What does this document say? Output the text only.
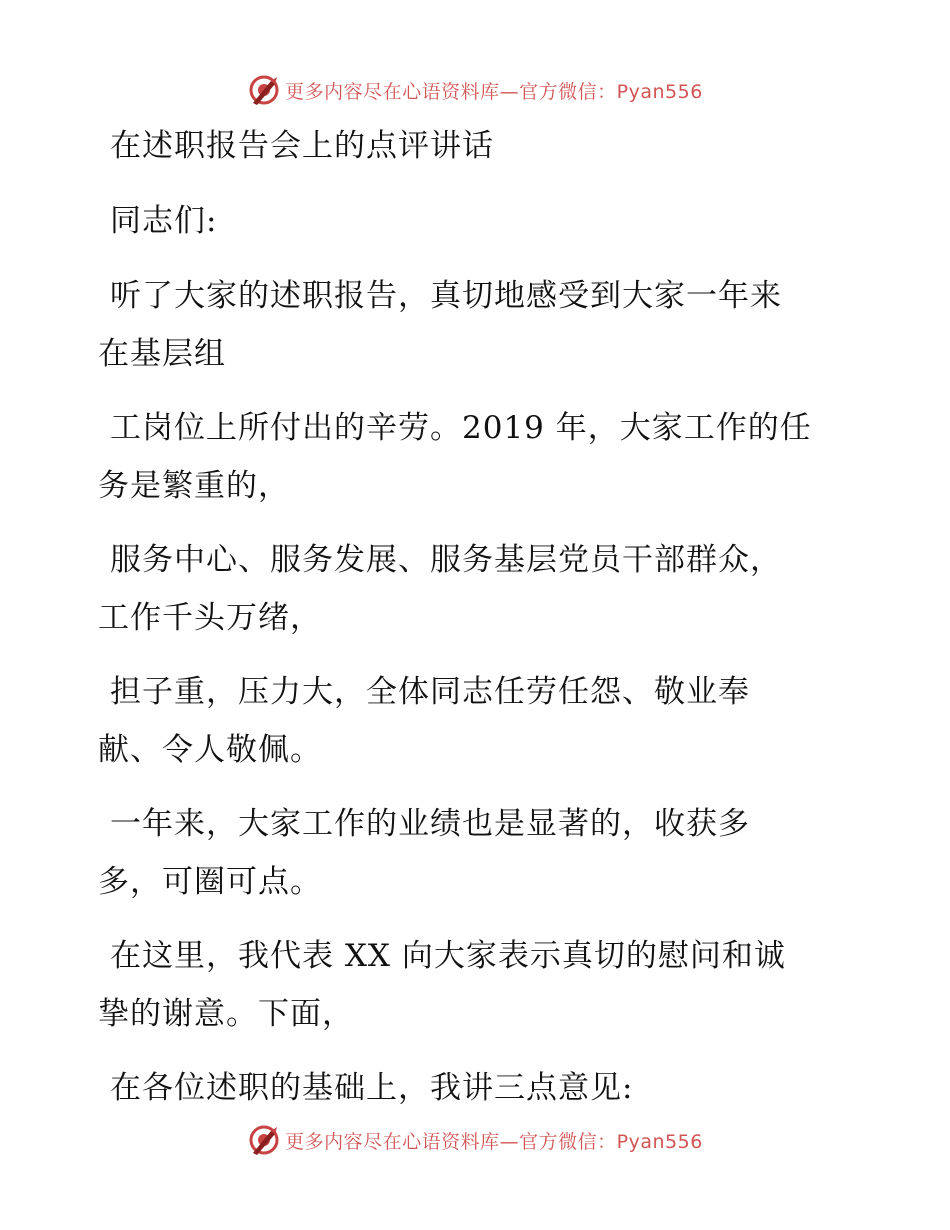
更多内容尽在心语资料库—官方微信：Pyan556
在述职报告会上的点评讲话
同志们:
听了大家的述职报告，真切地感受到大家一年来
在基层组
工岗位上所付出的辛劳。2019 年，大家工作的任
务是繁重的，
服务中心、服务发展、服务基层党员干部群众，
工作千头万绪，
担子重，压力大，全体同志任劳任怨、敬业奉
献、令人敬佩。
一年来，大家工作的业绩也是显著的，收获多
多，可圈可点。
在这里，我代表 XX 向大家表示真切的慰问和诚
挚的谢意。下面，
在各位述职的基础上，我讲三点意见:
更多内容尽在心语资料库—官方微信：Pyan556
